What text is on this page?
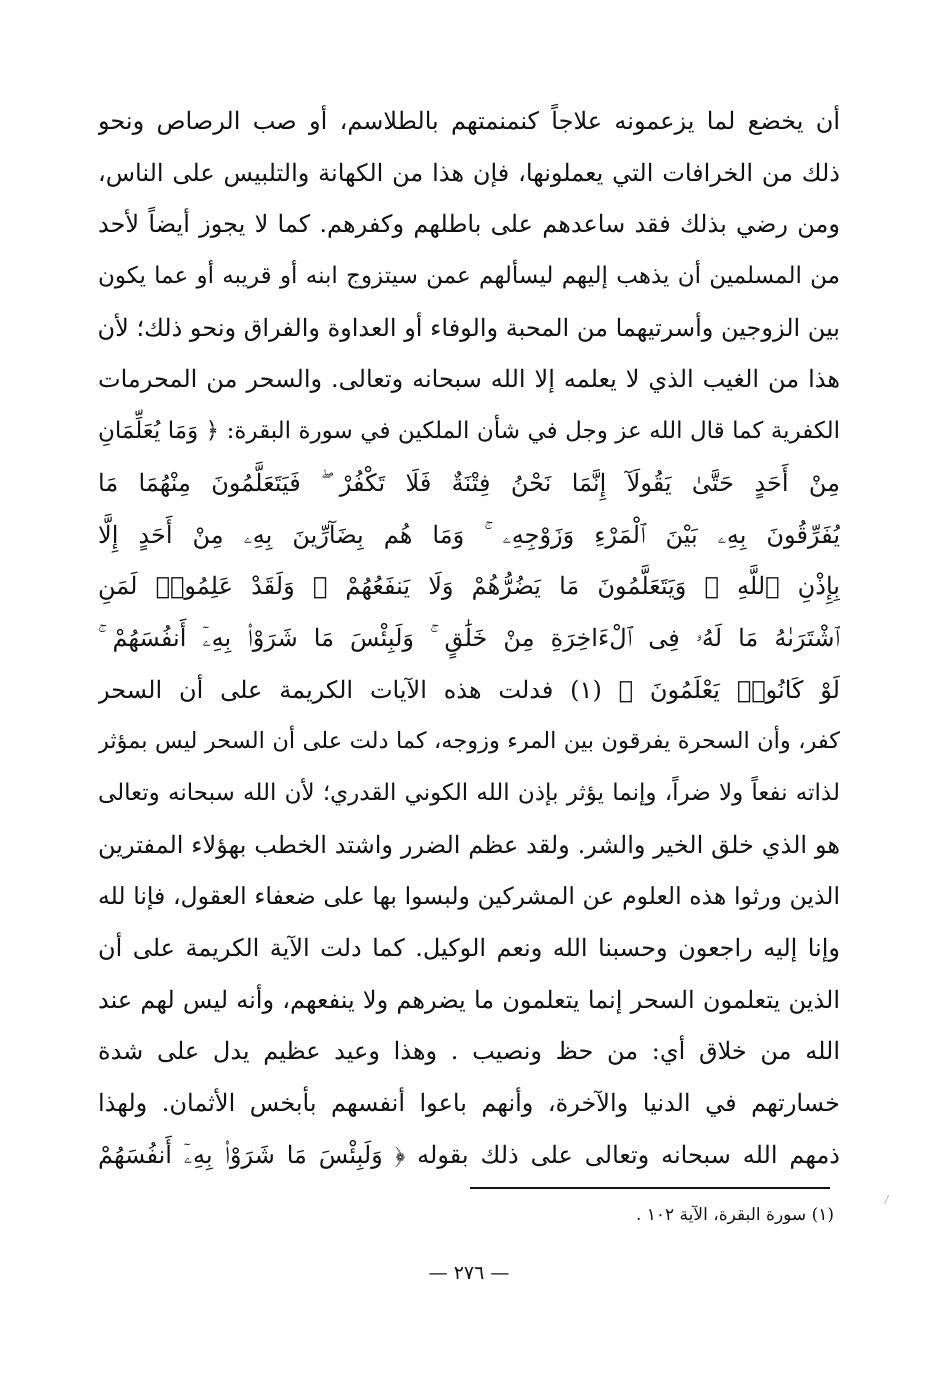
أن يخضع لما يزعمونه علاجاً كنمنمتهم بالطلاسم، أو صب الرصاص ونحو
ذلك من الخرافات التي يعملونها، فإن هذا من الكهانة والتلبيس على الناس،
ومن رضي بذلك فقد ساعدهم على باطلهم وكفرهم. كما لا يجوز أيضاً لأحد
من المسلمين أن يذهب إليهم ليسألهم عمن سيتزوج ابنه أو قريبه أو عما يكون
بين الزوجين وأسرتيهما من المحبة والوفاء أو العداوة والفراق ونحو ذلك؛ لأن
هذا من الغيب الذي لا يعلمه إلا الله سبحانه وتعالى. والسحر من المحرمات
الكفرية كما قال الله عز وجل في شأن الملكين في سورة البقرة: ﴿ وَمَا يُعَلِّمَانِ
مِنْ أَحَدٍ حَتَّىٰ يَقُولَآ إِنَّمَا نَحْنُ فِتْنَةٌ فَلَا تَكْفُرْ ۖ فَيَتَعَلَّمُونَ مِنْهُمَا مَا
يُفَرِّقُونَ بِهِۦ بَيْنَ ٱلْمَرْءِ وَزَوْجِهِۦ ۚ وَمَا هُم بِضَآرِّينَ بِهِۦ مِنْ أَحَدٍ إِلَّا
بِإِذْنِ ٱللَّهِ ۚ وَيَتَعَلَّمُونَ مَا يَضُرُّهُمْ وَلَا يَنفَعُهُمْ ۚ وَلَقَدْ عَلِمُوا۟ لَمَنِ
ٱشْتَرَىٰهُ مَا لَهُۥ فِى ٱلْءَاخِرَةِ مِنْ خَلَٰقٍ ۚ وَلَبِئْسَ مَا شَرَوْا۟ بِهِۦٓ أَنفُسَهُمْ ۚ
لَوْ كَانُوا۟ يَعْلَمُونَ ﴾ (١) فدلت هذه الآيات الكريمة على أن السحر
كفر، وأن السحرة يفرقون بين المرء وزوجه، كما دلت على أن السحر ليس بمؤثر
لذاته نفعاً ولا ضراً، وإنما يؤثر بإذن الله الكوني القدري؛ لأن الله سبحانه وتعالى
هو الذي خلق الخير والشر. ولقد عظم الضرر واشتد الخطب بهؤلاء المفترين
الذين ورثوا هذه العلوم عن المشركين ولبسوا بها على ضعفاء العقول، فإنا لله
وإنا إليه راجعون وحسبنا الله ونعم الوكيل. كما دلت الآية الكريمة على أن
الذين يتعلمون السحر إنما يتعلمون ما يضرهم ولا ينفعهم، وأنه ليس لهم عند
الله من خلاق أي: من حظ ونصيب . وهذا وعيد عظيم يدل على شدة
خسارتهم في الدنيا والآخرة، وأنهم باعوا أنفسهم بأبخس الأثمان. ولهذا
ذمهم الله سبحانه وتعالى على ذلك بقوله ﴿ وَلَبِئْسَ مَا شَرَوْا۟ بِهِۦٓ أَنفُسَهُمْ
(١) سورة البقرة، الآية ١٠٢ .
— ٢٧٦ —
